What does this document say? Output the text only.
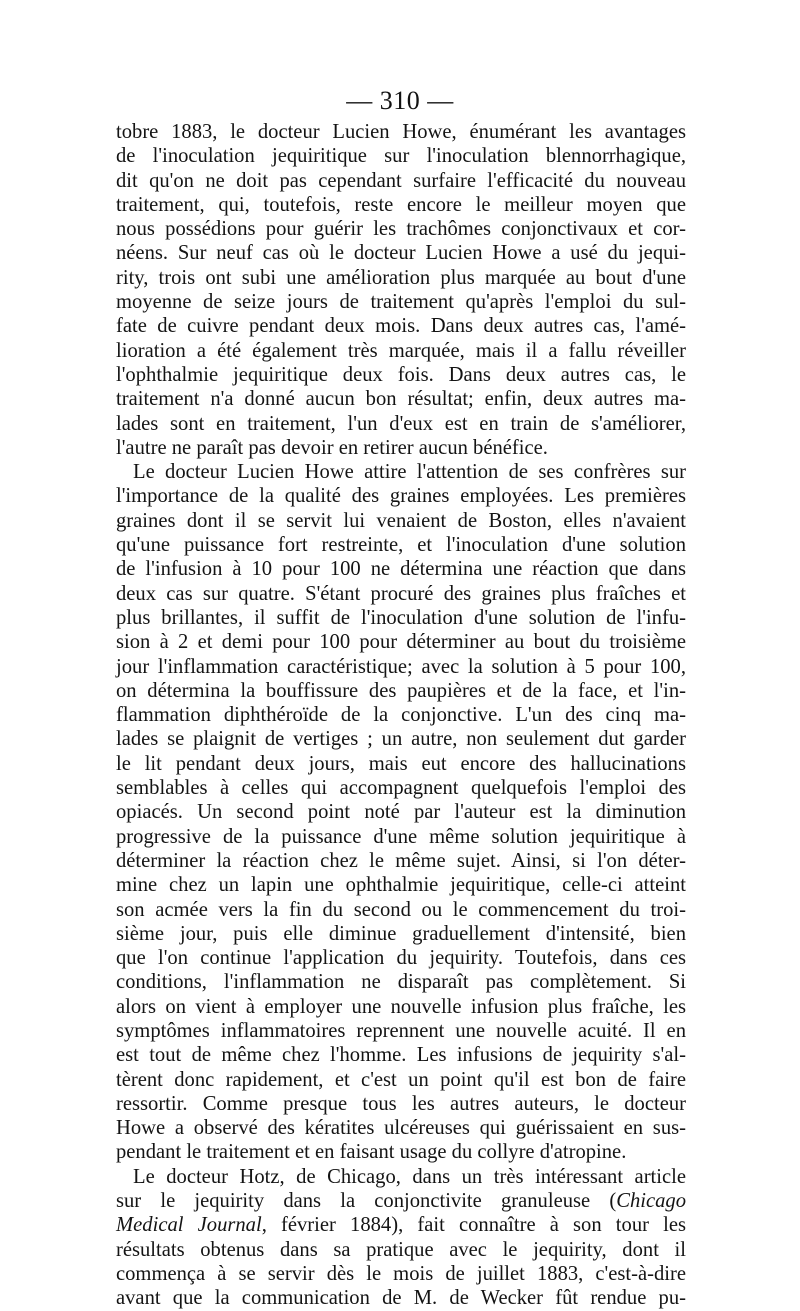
— 310 —
tobre 1883, le docteur Lucien Howe, énumérant les avantages
de l'inoculation jequiritique sur l'inoculation blennorrhagique,
dit qu'on ne doit pas cependant surfaire l'efficacité du nouveau
traitement, qui, toutefois, reste encore le meilleur moyen que
nous possédions pour guérir les trachômes conjonctivaux et cor-
néens. Sur neuf cas où le docteur Lucien Howe a usé du jequi-
rity, trois ont subi une amélioration plus marquée au bout d'une
moyenne de seize jours de traitement qu'après l'emploi du sul-
fate de cuivre pendant deux mois. Dans deux autres cas, l'amé-
lioration a été également très marquée, mais il a fallu réveiller
l'ophthalmie jequiritique deux fois. Dans deux autres cas, le
traitement n'a donné aucun bon résultat; enfin, deux autres ma-
lades sont en traitement, l'un d'eux est en train de s'améliorer,
l'autre ne paraît pas devoir en retirer aucun bénéfice.
Le docteur Lucien Howe attire l'attention de ses confrères sur
l'importance de la qualité des graines employées. Les premières
graines dont il se servit lui venaient de Boston, elles n'avaient
qu'une puissance fort restreinte, et l'inoculation d'une solution
de l'infusion à 10 pour 100 ne détermina une réaction que dans
deux cas sur quatre. S'étant procuré des graines plus fraîches et
plus brillantes, il suffit de l'inoculation d'une solution de l'infu-
sion à 2 et demi pour 100 pour déterminer au bout du troisième
jour l'inflammation caractéristique; avec la solution à 5 pour 100,
on détermina la bouffissure des paupières et de la face, et l'in-
flammation diphthéroïde de la conjonctive. L'un des cinq ma-
lades se plaignit de vertiges ; un autre, non seulement dut garder
le lit pendant deux jours, mais eut encore des hallucinations
semblables à celles qui accompagnent quelquefois l'emploi des
opiacés. Un second point noté par l'auteur est la diminution
progressive de la puissance d'une même solution jequiritique à
déterminer la réaction chez le même sujet. Ainsi, si l'on déter-
mine chez un lapin une ophthalmie jequiritique, celle-ci atteint
son acmée vers la fin du second ou le commencement du troi-
sième jour, puis elle diminue graduellement d'intensité, bien
que l'on continue l'application du jequirity. Toutefois, dans ces
conditions, l'inflammation ne disparaît pas complètement. Si
alors on vient à employer une nouvelle infusion plus fraîche, les
symptômes inflammatoires reprennent une nouvelle acuité. Il en
est tout de même chez l'homme. Les infusions de jequirity s'al-
tèrent donc rapidement, et c'est un point qu'il est bon de faire
ressortir. Comme presque tous les autres auteurs, le docteur
Howe a observé des kératites ulcéreuses qui guérissaient en sus-
pendant le traitement et en faisant usage du collyre d'atropine.
Le docteur Hotz, de Chicago, dans un très intéressant article
sur le jequirity dans la conjonctivite granuleuse (Chicago
Medical Journal, février 1884), fait connaître à son tour les
résultats obtenus dans sa pratique avec le jequirity, dont il
commença à se servir dès le mois de juillet 1883, c'est-à-dire
avant que la communication de M. de Wecker fût rendue pu-
